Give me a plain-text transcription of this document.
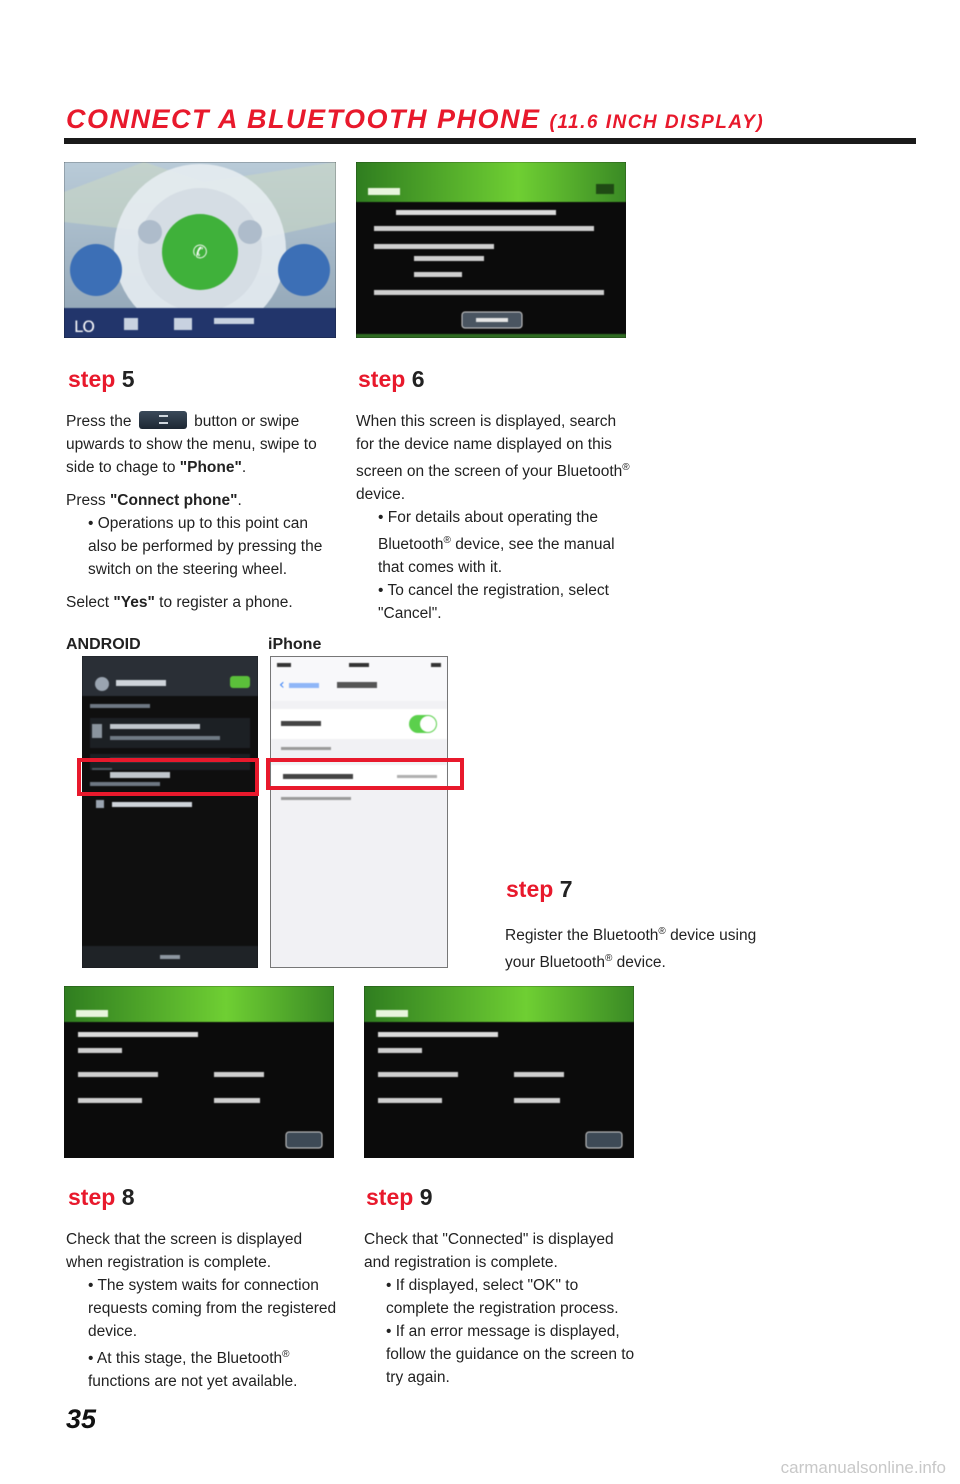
CONNECT A BLUETOOTH PHONE (11.6 INCH DISPLAY)
✆
LO
step 5

Press the	button or swipe upwards to show the menu, swipe to side to chage to "Phone".

Press "Connect phone".

• Operations up to this point can also be performed by pressing the switch on the steering wheel.

Select "Yes" to register a phone.

step 6

When this screen is displayed, search for the device name displayed on this screen on the screen of your Bluetooth® device.

• For details about operating the Bluetooth® device, see the manual that comes with it.

• To cancel the registration, select "Cancel".

ANDROID	iPhone
‹
step 7

Register the Bluetooth® device using your Bluetooth® device.

step 8

Check that the screen is displayed when registration is complete.

• The system waits for connection requests coming from the registered device.

• At this stage, the Bluetooth® functions are not yet available.

step 9

Check that "Connected" is displayed and registration is complete.

• If displayed, select "OK" to complete the registration process.

• If an error message is displayed, follow the guidance on the screen to try again.

35
carmanualsonline.info
